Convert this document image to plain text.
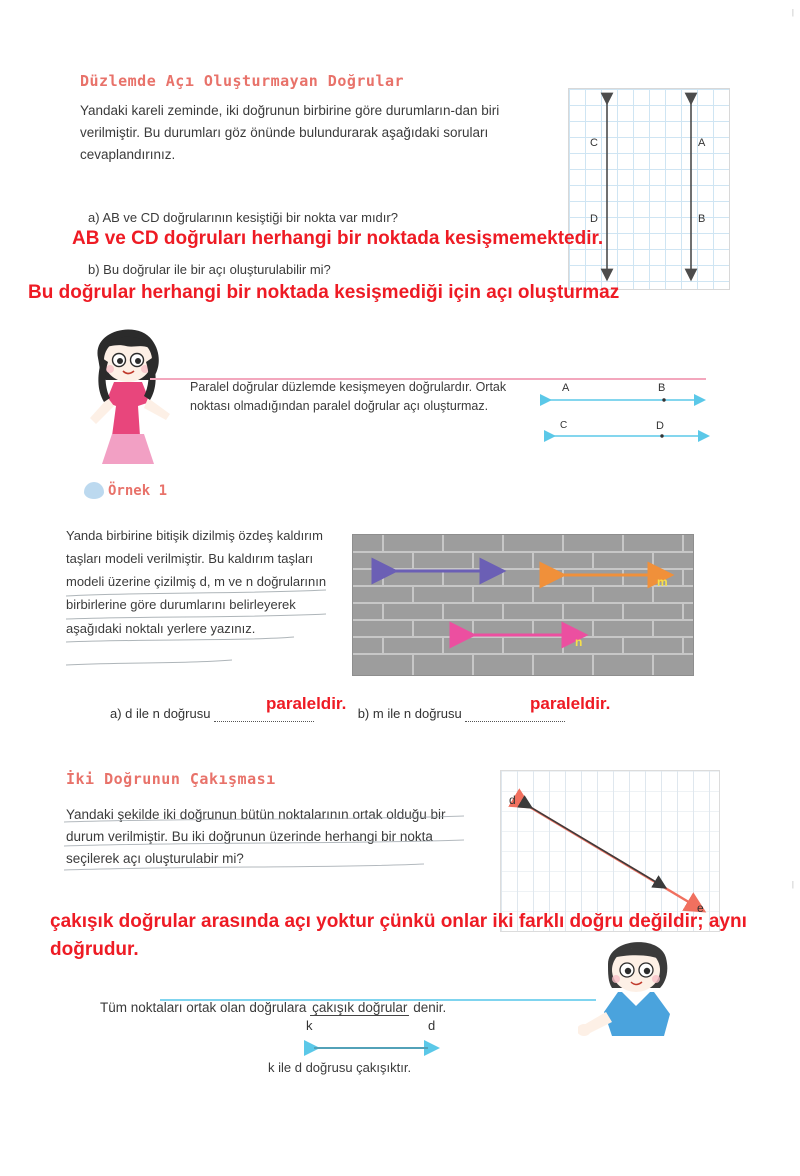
Düzlemde Açı Oluşturmayan Doğrular
Yandaki kareli zeminde, iki doğrunun birbirine göre durumların-dan biri verilmiştir. Bu durumları göz önünde bulundurarak aşağıdaki soruları cevaplandırınız.
C	A
D	B
a) AB ve CD doğrularının kesiştiği bir nokta var mıdır?
AB ve CD doğruları herhangi bir noktada kesişmemektedir.
b) Bu doğrular ile bir açı oluşturulabilir mi?
Bu doğrular herhangi bir noktada kesişmediği için açı oluşturmaz
Paralel doğrular düzlemde kesişmeyen doğrulardır. Ortak noktası olmadığından paralel doğrular açı oluşturmaz.
A	B
C	D
Örnek 1
Yanda birbirine bitişik dizilmiş özdeş kaldırım taşları modeli verilmiştir. Bu kaldırım taşları modeli üzerine çizilmiş d, m ve n doğrularının birbirlerine göre durumlarını belirleyerek aşağıdaki noktalı yerlere yazınız.
m
n
a) d ile n doğrusu
paraleldir.
b) m ile n doğrusu
paraleldir.
İki Doğrunun Çakışması
Yandaki şekilde iki doğrunun bütün noktalarının ortak olduğu bir durum verilmiştir. Bu iki doğrunun üzerinde herhangi bir nokta seçilerek açı oluşturulabir mi?
d
e
çakışık doğrular arasında açı yoktur çünkü onlar iki farklı doğru değildir; aynı doğrudur.
Tüm noktaları ortak olan doğrulara çakışık doğrular denir.
k	d
k ile d doğrusu çakışıktır.
|
|
